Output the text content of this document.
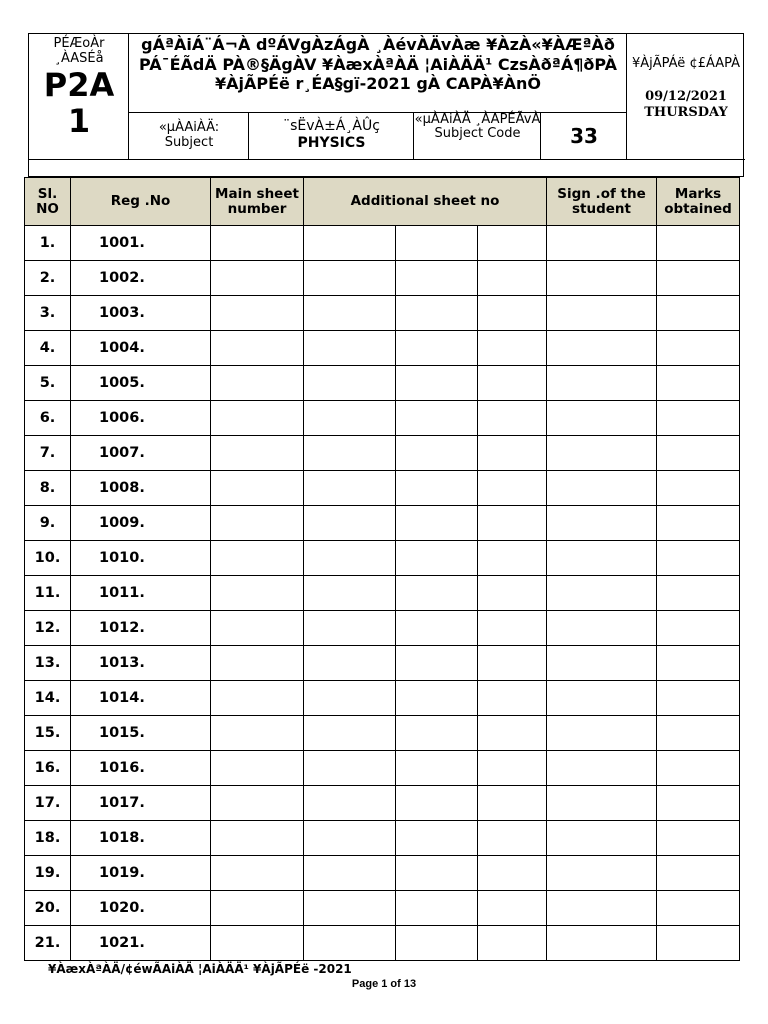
PÉÆoÀr ¸ÀASÉå
P2A 1
gÁªÀiÁ¨Á¬À dºÁVgÀzÁgÀ ¸ÀévÀÄvÀæ ¥ÀzÀ«¥ÀÆªÀð PÁ¯ÉÃdÄ PÀ®§ÄgÀV ¥ÀæxÀªÀÄ ¦AiÀÄÄ¹ CzsÀðªÁ¶ðPÀ ¥ÀjÃPÉë r¸ÉA§gï-2021 gÀ CAPÀ¥ÀnÖ
«µÀAiÀÄ:
Subject
¨sËvÀ±Á¸ÀÛç
PHYSICS
«µÀAiÀÄ ¸ÀAPÉÃvÀ
Subject Code	33
¥ÀjÃPÁë ¢£ÁAPÀ
09/12/2021
THURSDAY
Sl. NO	Reg .No	Main sheet number	Additional sheet no			Sign .of the student	Marks obtained
1.	1001.						
2.	1002.						
3.	1003.						
4.	1004.						
5.	1005.						
6.	1006.						
7.	1007.						
8.	1008.						
9.	1009.						
10.	1010.						
11.	1011.						
12.	1012.						
13.	1013.						
14.	1014.						
15.	1015.						
16.	1016.						
17.	1017.						
18.	1018.						
19.	1019.						
20.	1020.						
21.	1021.						
¥ÀæxÀªÀÄ/¢éwÃAiÀÄ ¦AiÀÄÄ¹ ¥ÀjÃPÉë -2021
Page 1 of 13
